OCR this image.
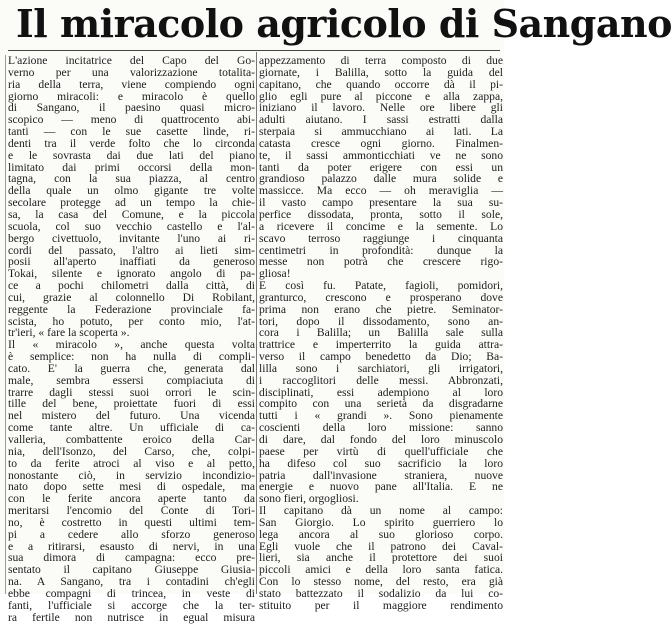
Il miracolo agricolo di Sangano
L'azione incitatrice del Capo del Go-
verno per una valorizzazione totalita-
ria della terra, viene compiendo ogni
giorno miracoli: e miracolo è quello
di Sangano, il paesino quasi micro-
scopico — meno di quattrocento abi-
tanti — con le sue casette linde, ri-
denti tra il verde folto che lo circonda
e le sovrasta dai due lati del piano
limitato dai primi occorsi della mon-
tagna, con la sua piazza, al centro
della quale un olmo gigante tre volte
secolare protegge ad un tempo la chie-
sa, la casa del Comune, e la piccola
scuola, col suo vecchio castello e l'al-
bergo civettuolo, invitante l'uno ai ri-
cordi del passato, l'altro ai lieti sim-
posii all'aperto inaffiati da generoso
Tokai, silente e ignorato angolo di pa-
ce a pochi chilometri dalla città, di
cui, grazie al colonnello Di Robilant,
reggente la Federazione provinciale fa-
scista, ho potuto, per conto mio, l'at-
tr'ieri, « fare la scoperta ».
Il « miracolo », anche questa volta
è semplice: non ha nulla di compli-
cato. E' la guerra che, generata dal
male, sembra essersi compiaciuta di
trarre dagli stessi suoi orrori le scin-
tille del bene, proiettate fuori di essi
nel mistero del futuro. Una vicenda
come tante altre. Un ufficiale di ca-
valleria, combattente eroico della Car-
nia, dell'Isonzo, del Carso, che, colpi-
to da ferite atroci al viso e al petto,
nonostante ciò, in servizio incondizio-
nato dopo sette mesi di ospedale, ma
con le ferite ancora aperte tanto da
meritarsi l'encomio del Conte di Tori-
no, è costretto in questi ultimi tem-
pi a cedere allo sforzo generoso
e a ritirarsi, esausto di nervi, in una
sua dimora di campagna: ecco pre-
sentato il capitano Giuseppe Giusia-
na. A Sangano, tra i contadini ch'egli
ebbe compagni di trincea, in veste di
fanti, l'ufficiale si accorge che la ter-
ra fertile non nutrisce in egual misura
appezzamento di terra composto di due
giornate, i Balilla, sotto la guida del
capitano, che quando occorre dà il pi-
glio egli pure al piccone e alla zappa,
iniziano il lavoro. Nelle ore libere gli
adulti aiutano. I sassi estratti dalla
sterpaia si ammucchiano ai lati. La
catasta cresce ogni giorno. Finalmen-
te, il sassi ammonticchiati ve ne sono
tanti da poter erigere con essi un
grandioso palazzo dalle mura solide e
massicce. Ma ecco — oh meraviglia —
il vasto campo presentare la sua su-
perfice dissodata, pronta, sotto il sole,
a ricevere il concime e la semente. Lo
scavo terroso raggiunge i cinquanta
centimetri in profondità: dunque la
messe non potrà che crescere rigo-
gliosa!
E così fu. Patate, fagioli, pomidori,
granturco, crescono e prosperano dove
prima non erano che pietre. Seminator-
tori, dopo il dissodamento, sono an-
cora i Balilla; un Balilla sale sulla
trattrice e imperterrito la guida attra-
verso il campo benedetto da Dio; Ba-
lilla sono i sarchiatori, gli irrigatori,
i raccoglitori delle messi. Abbronzati,
disciplinati, essi adempiono al loro
compito con una serietà da disgradarne
tutti i « grandi ». Sono pienamente
coscienti della loro missione: sanno
di dare, dal fondo del loro minuscolo
paese per virtù di quell'ufficiale che
ha difeso col suo sacrificio la loro
patria dall'invasione straniera, nuove
energie e nuovo pane all'Italia. E ne
sono fieri, orgogliosi.
Il capitano dà un nome al campo:
San Giorgio. Lo spirito guerriero lo
lega ancora al suo glorioso corpo.
Egli vuole che il patrono dei Caval-
lieri, sia anche il protettore dei suoi
piccoli amici e della loro santa fatica.
Con lo stesso nome, del resto, era già
stato battezzato il sodalizio da lui co-
stituito per il maggiore rendimento
